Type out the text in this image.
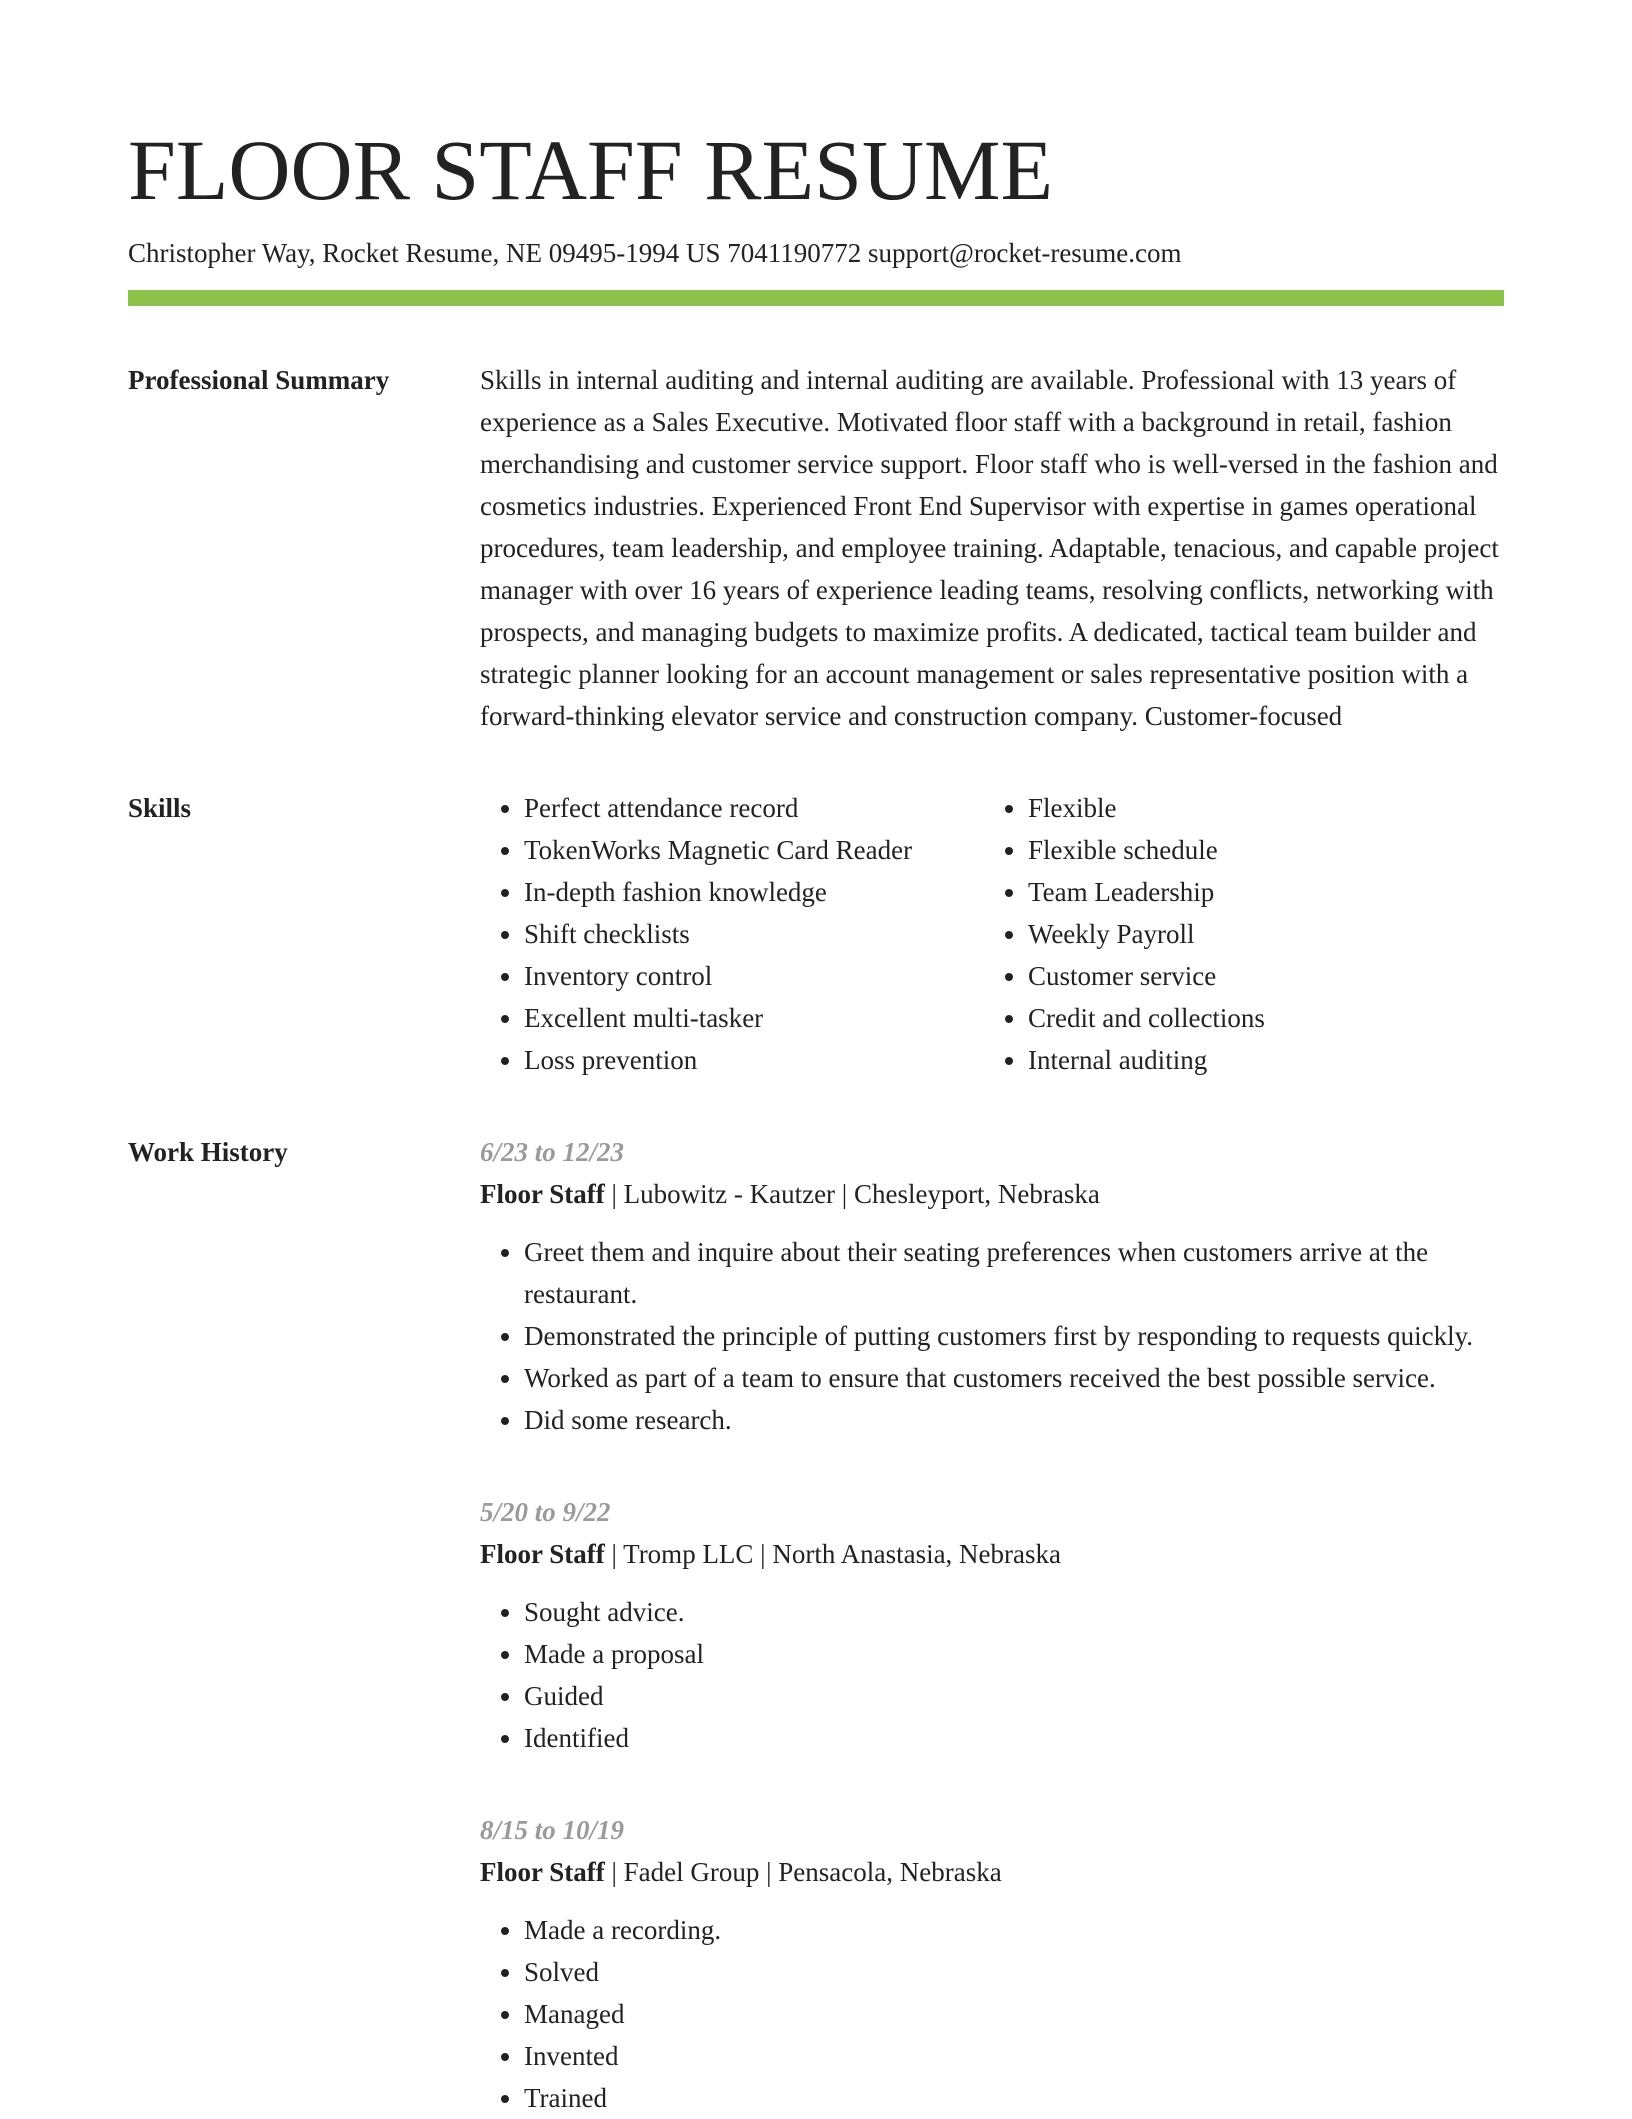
FLOOR STAFF RESUME
Christopher Way, Rocket Resume, NE 09495-1994 US 7041190772 support@rocket-resume.com
Professional Summary	Skills in internal auditing and internal auditing are available. Professional with 13 years of experience as a Sales Executive. Motivated floor staff with a background in retail, fashion merchandising and customer service support. Floor staff who is well-versed in the fashion and cosmetics industries. Experienced Front End Supervisor with expertise in games operational procedures, team leadership, and employee training. Adaptable, tenacious, and capable project manager with over 16 years of experience leading teams, resolving conflicts, networking with prospects, and managing budgets to maximize profits. A dedicated, tactical team builder and strategic planner looking for an account management or sales representative position with a forward-thinking elevator service and construction company. Customer-focused

Skills
•	Perfect attendance record
• TokenWorks Magnetic Card Reader
• In-depth fashion knowledge
• Shift checklists
• Inventory control
• Excellent multi-tasker
• Loss prevention
• Flexible
• Flexible schedule
• Team Leadership
• Weekly Payroll
• Customer service
• Credit and collections
• Internal auditing
Work History	6/23 to 12/23
Floor Staff | Lubowitz - Kautzer | Chesleyport, Nebraska
• Greet them and inquire about their seating preferences when customers arrive at the restaurant.
• Demonstrated the principle of putting customers first by responding to requests quickly.
• Worked as part of a team to ensure that customers received the best possible service.
• Did some research.
5/20 to 9/22
Floor Staff | Tromp LLC | North Anastasia, Nebraska
• Sought advice.
• Made a proposal
• Guided
• Identified
8/15 to 10/19
Floor Staff | Fadel Group | Pensacola, Nebraska
• Made a recording.
• Solved
• Managed
• Invented
• Trained
